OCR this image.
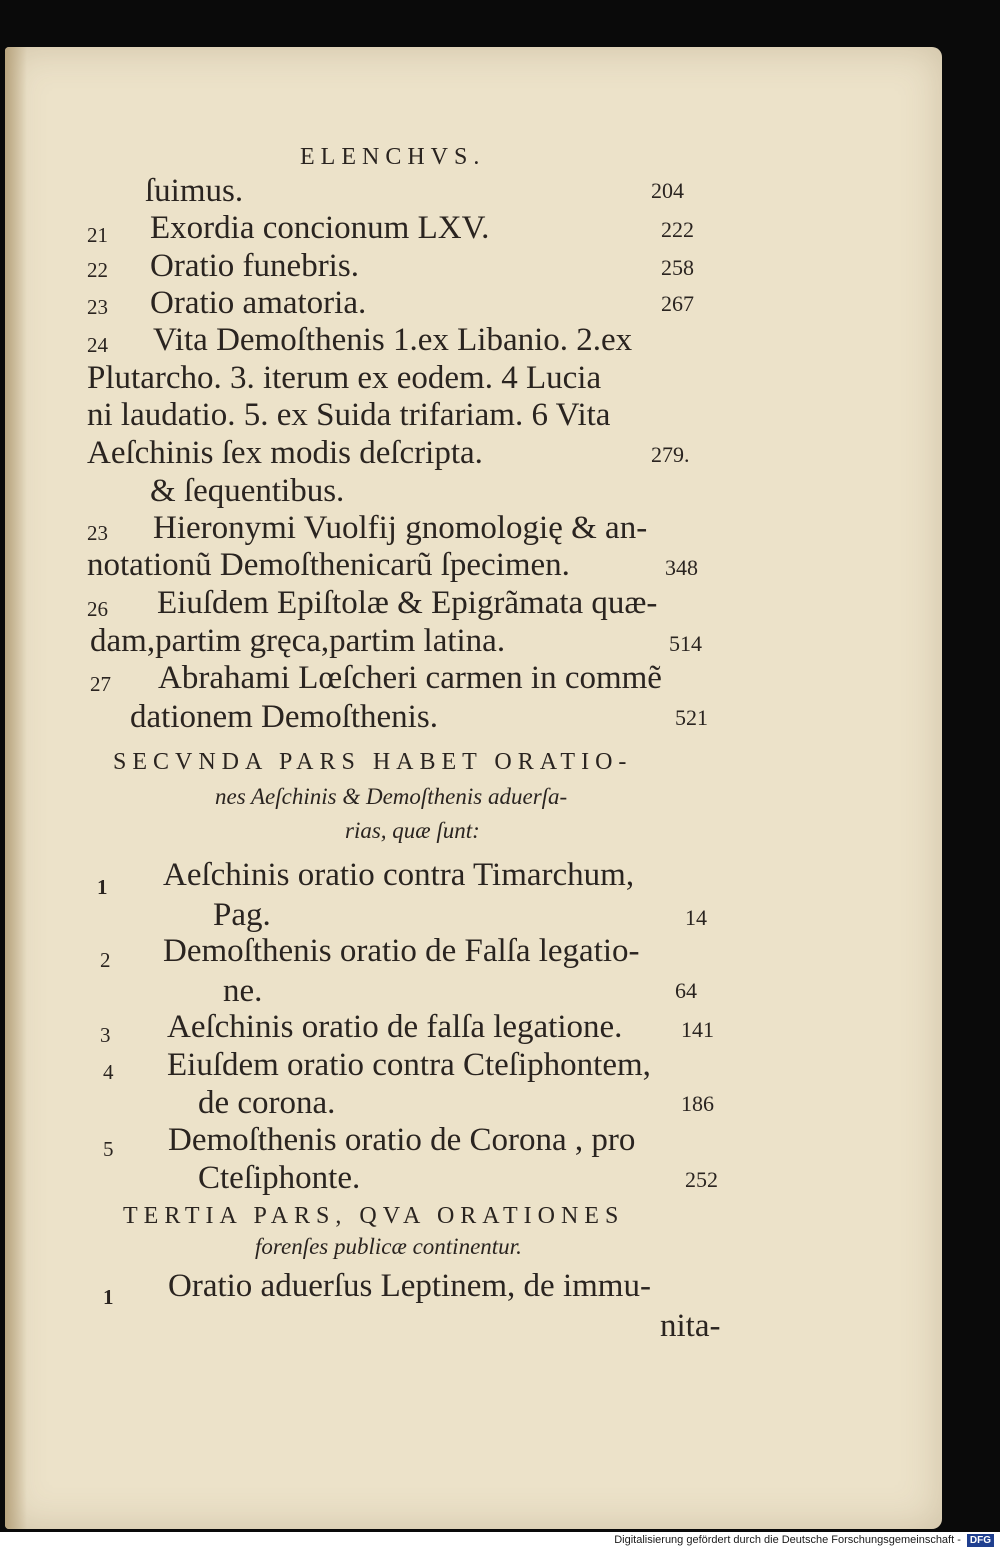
ELENCHVS.
ſuimus.	204
21 Exordia concionum LXV.	222
22 Oratio funebris.	258
23 Oratio amatoria.	267
24 Vita Demoſthenis 1.ex Libanio. 2.ex
Plutarcho. 3. iterum ex eodem. 4 Lucia
ni laudatio. 5. ex Suida trifariam. 6 Vita
Aeſchinis ſex modis deſcripta.	279.
& ſequentibus.
23 Hieronymi Vuolfij gnomologię & an-
notationũ Demoſthenicarũ ſpecimen.	348
26 Eiuſdem Epiſtolæ & Epigrãmata quæ-
dam,partim gręca,partim latina.	514
27 Abrahami Lœſcheri carmen in commẽ
dationem Demoſthenis.	521
SECVNDA PARS HABET ORATIO-
nes Aeſchinis & Demoſthenis aduerſa-
rias, quæ ſunt:
1 Aeſchinis oratio contra Timarchum,
Pag.	14
2 Demoſthenis oratio de Falſa legatio-
ne.	64
3 Aeſchinis oratio de falſa legatione.	141
4 Eiuſdem oratio contra Cteſiphontem,
de corona.	186
5 Demoſthenis oratio de Corona , pro
Cteſiphonte.	252
TERTIA PARS, QVA ORATIONES
forenſes publicæ continentur.
1 Oratio aduerſus Leptinem, de immu-
nita-
Digitalisierung gefördert durch die Deutsche Forschungsgemeinschaft - DFG
